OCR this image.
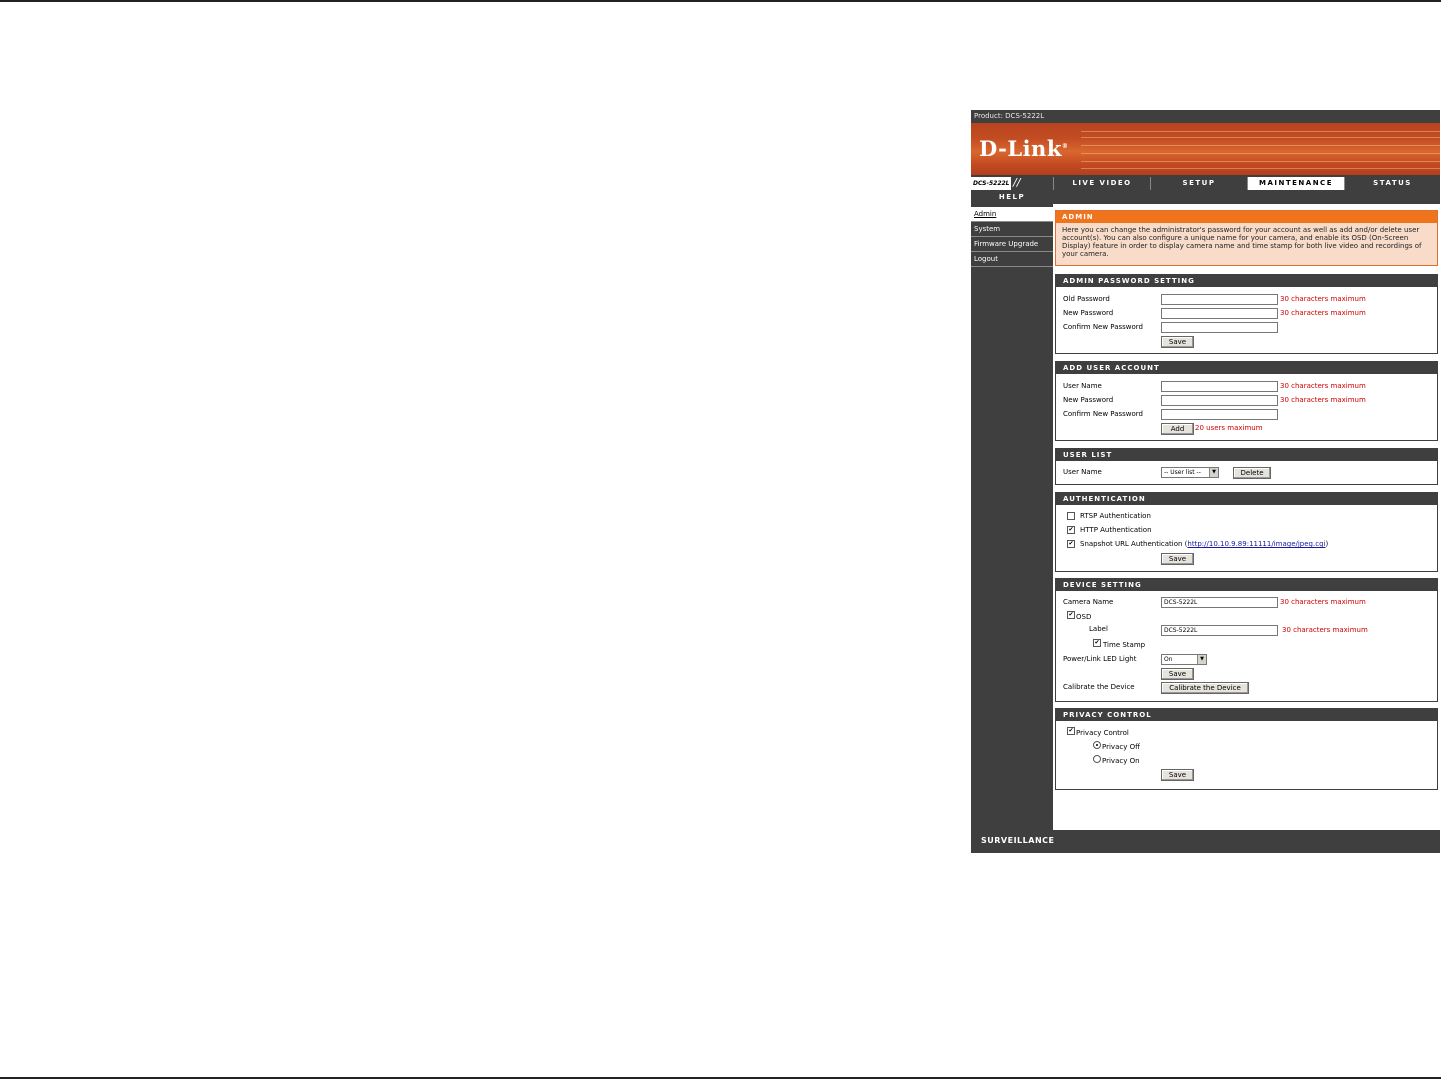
Product: DCS-5222L
D-Link®
DCS-5222L //	LIVE VIDEO	SETUP	MAINTENANCE	STATUS
HELP
Admin
System
Firmware Upgrade
Logout
ADMIN
Here you can change the administrator's password for your account as well as add and/or delete user account(s). You can also configure a unique name for your camera, and enable its OSD (On-Screen Display) feature in order to display camera name and time stamp for both live video and recordings of your camera.
ADMIN PASSWORD SETTING
Old Password	30 characters maximum
New Password	30 characters maximum
Confirm New Password
Save
ADD USER ACCOUNT
User Name	30 characters maximum
New Password	30 characters maximum
Confirm New Password
Add	20 users maximum
USER LIST
User Name	-- User list --	▼	Delete
AUTHENTICATION
RTSP Authentication
✔ HTTP Authentication
✔ Snapshot URL Authentication (http://10.10.9.89:11111/image/jpeg.cgi)
Save
DEVICE SETTING
Camera Name	DCS-5222L	30 characters maximum
✔ OSD
Label	DCS-5222L	30 characters maximum
✔ Time Stamp
Power/Link LED Light	On	▼
Save
Calibrate the Device	Calibrate the Device
PRIVACY CONTROL
✔ Privacy Control
Privacy Off
Privacy On
Save
SURVEILLANCE
